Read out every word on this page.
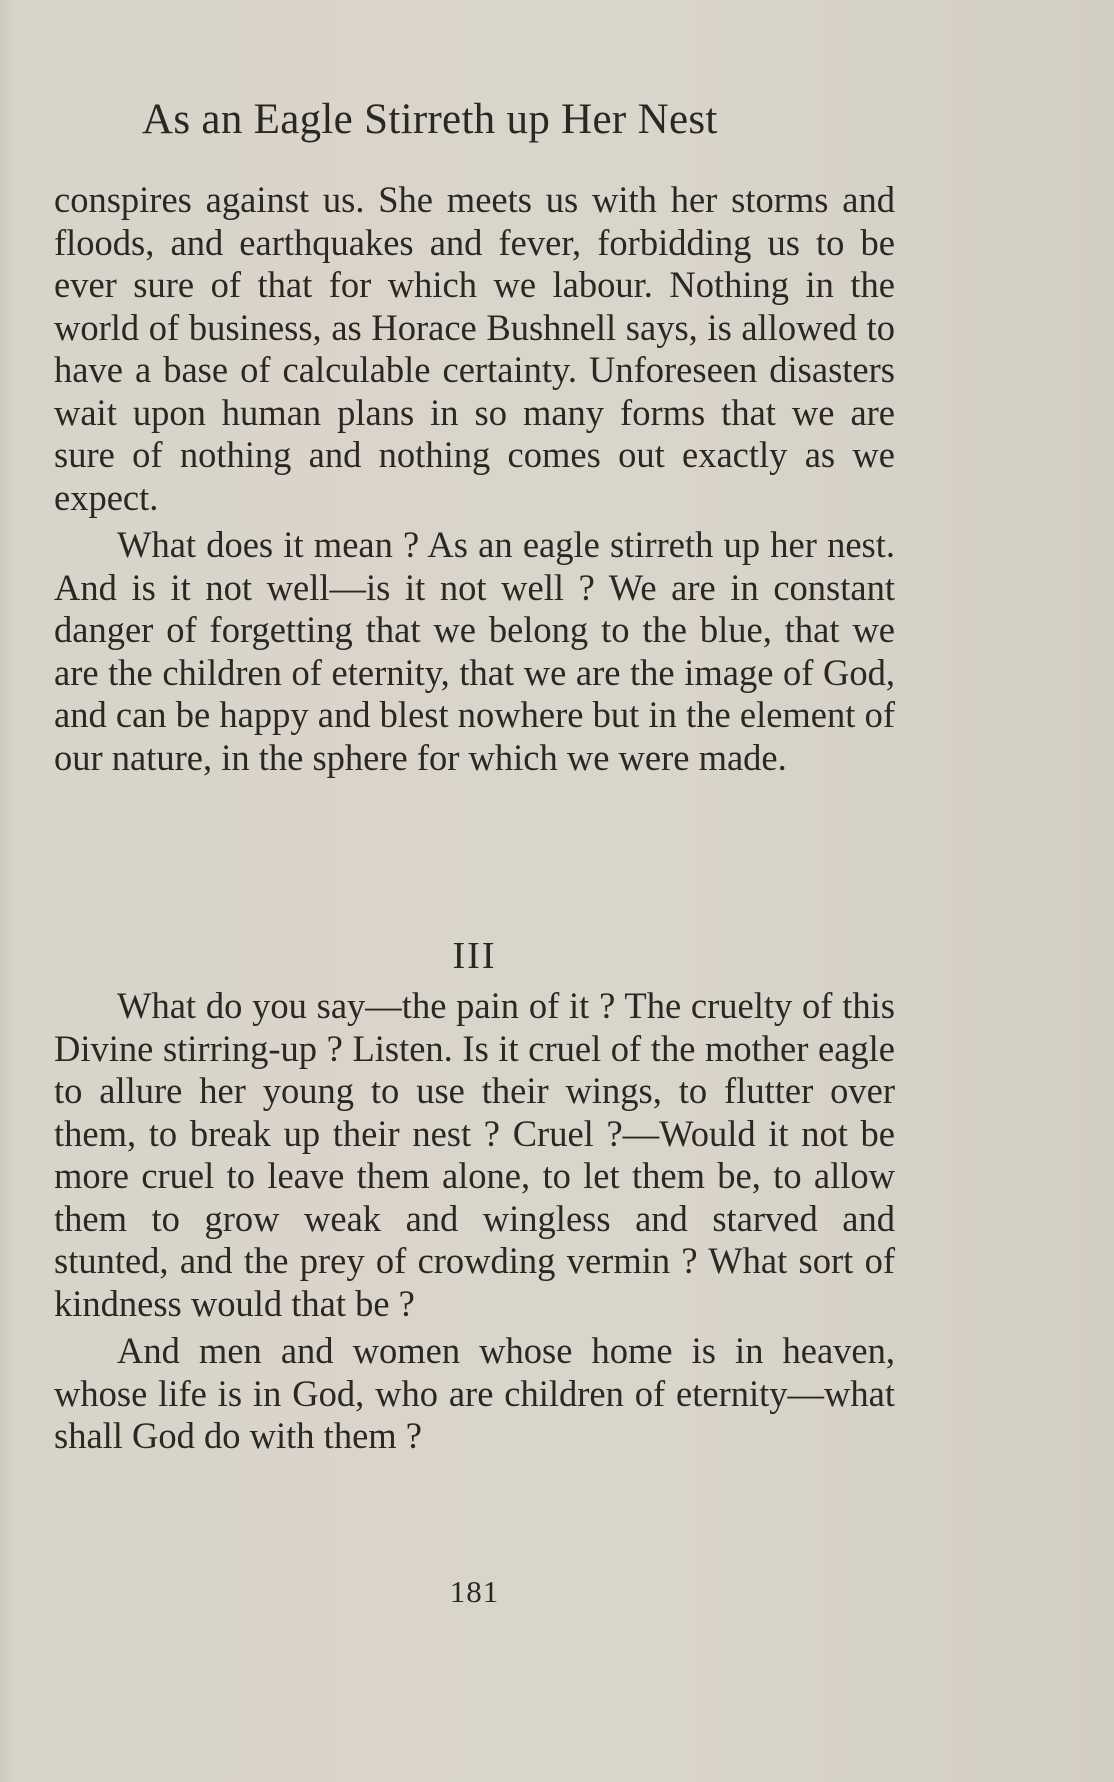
As an Eagle Stirreth up Her Nest

conspires against us. She meets us with her storms and floods, and earthquakes and fever, forbidding us to be ever sure of that for which we labour. Nothing in the world of business, as Horace Bushnell says, is allowed to have a base of calculable certainty. Unforeseen disasters wait upon human plans in so many forms that we are sure of nothing and nothing comes out exactly as we expect.

What does it mean ? As an eagle stirreth up her nest. And is it not well—is it not well ? We are in constant danger of forgetting that we belong to the blue, that we are the children of eternity, that we are the image of God, and can be happy and blest nowhere but in the element of our nature, in the sphere for which we were made.

III

What do you say—the pain of it ? The cruelty of this Divine stirring-up ? Listen. Is it cruel of the mother eagle to allure her young to use their wings, to flutter over them, to break up their nest ? Cruel ?—Would it not be more cruel to leave them alone, to let them be, to allow them to grow weak and wingless and starved and stunted, and the prey of crowding vermin ? What sort of kindness would that be ?

And men and women whose home is in heaven, whose life is in God, who are children of eternity—what shall God do with them ?

181
